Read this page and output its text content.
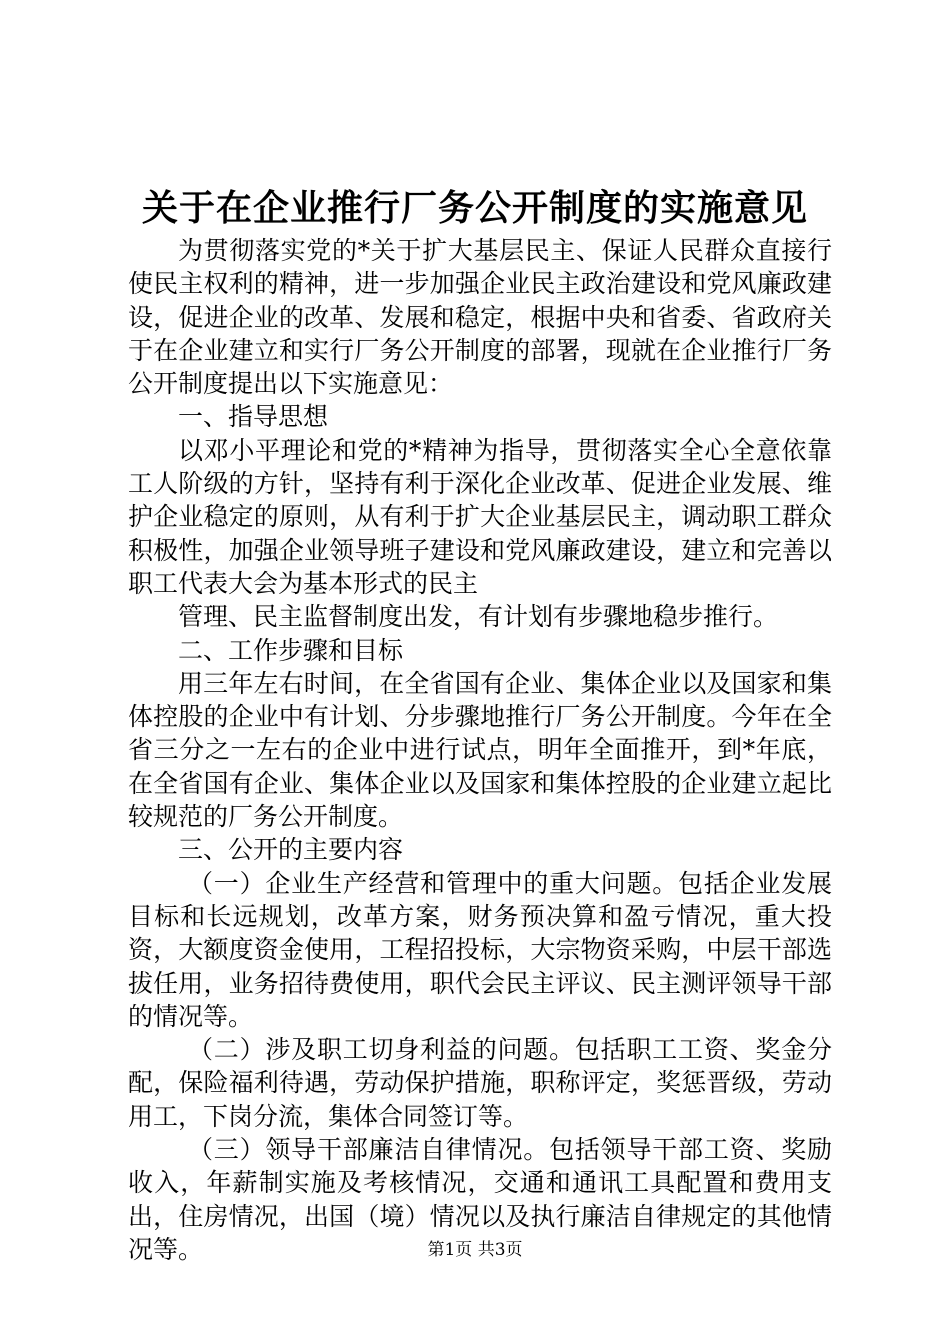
关于在企业推行厂务公开制度的实施意见

为贯彻落实党的*关于扩大基层民主、保证人民群众直接行使民主权利的精神，进一步加强企业民主政治建设和党风廉政建设，促进企业的改革、发展和稳定，根据中央和省委、省政府关于在企业建立和实行厂务公开制度的部署，现就在企业推行厂务公开制度提出以下实施意见：

一、指导思想

以邓小平理论和党的*精神为指导，贯彻落实全心全意依靠工人阶级的方针，坚持有利于深化企业改革、促进企业发展、维护企业稳定的原则，从有利于扩大企业基层民主，调动职工群众积极性，加强企业领导班子建设和党风廉政建设，建立和完善以职工代表大会为基本形式的民主

管理、民主监督制度出发，有计划有步骤地稳步推行。

二、工作步骤和目标

用三年左右时间，在全省国有企业、集体企业以及国家和集体控股的企业中有计划、分步骤地推行厂务公开制度。今年在全省三分之一左右的企业中进行试点，明年全面推开，到*年底，在全省国有企业、集体企业以及国家和集体控股的企业建立起比较规范的厂务公开制度。

三、公开的主要内容

（一）企业生产经营和管理中的重大问题。包括企业发展目标和长远规划，改革方案，财务预决算和盈亏情况，重大投资，大额度资金使用，工程招投标，大宗物资采购，中层干部选拔任用，业务招待费使用，职代会民主评议、民主测评领导干部的情况等。

（二）涉及职工切身利益的问题。包括职工工资、奖金分配，保险福利待遇，劳动保护措施，职称评定，奖惩晋级，劳动用工，下岗分流，集体合同签订等。

（三）领导干部廉洁自律情况。包括领导干部工资、奖励收入，年薪制实施及考核情况，交通和通讯工具配置和费用支出，住房情况，出国（境）情况以及执行廉洁自律规定的其他情况等。	第1页 共3页
